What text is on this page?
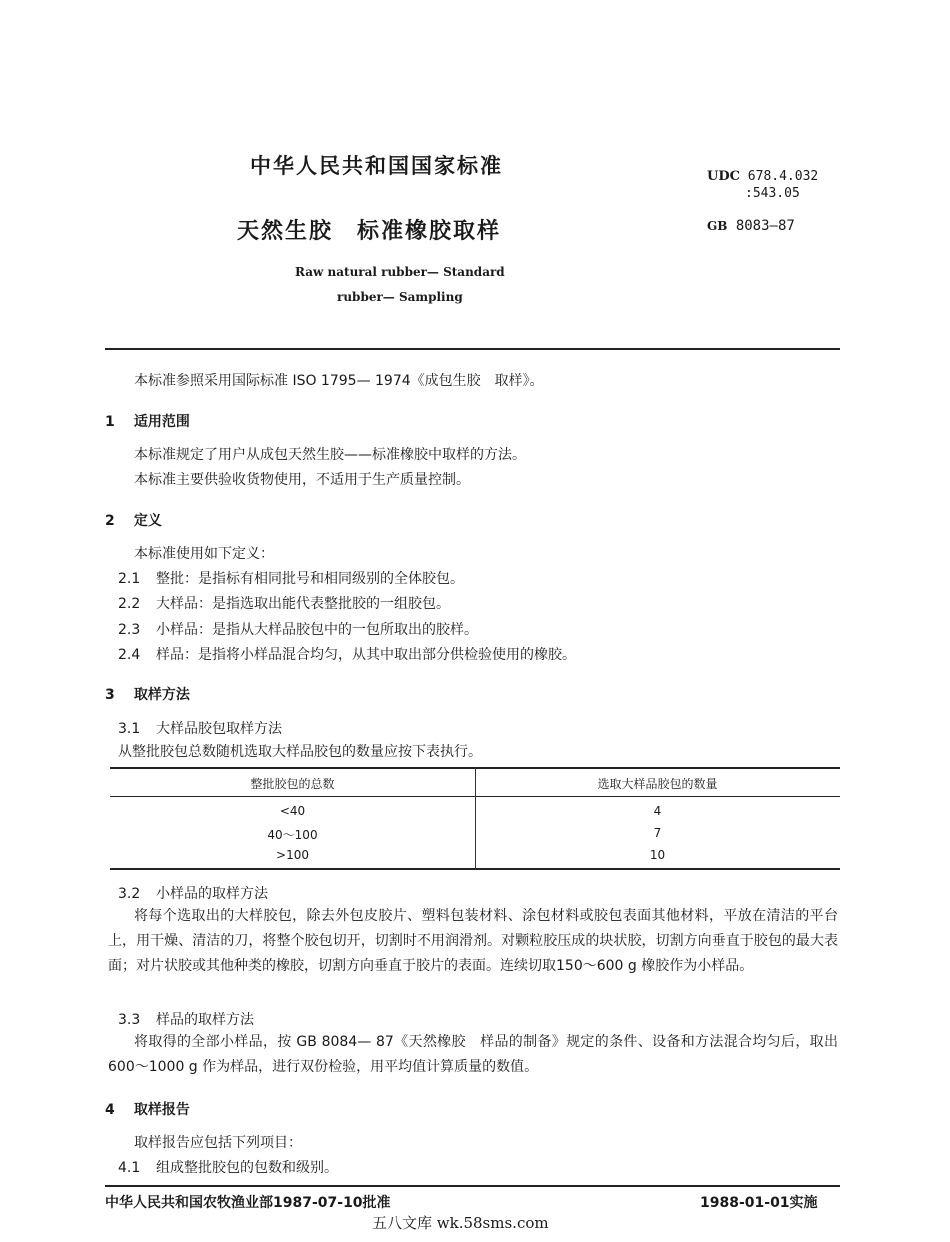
中华人民共和国国家标准
天然生胶　标准橡胶取样
Raw natural rubber— Standard
rubber— Sampling
UDC 678.4.032
:543.05
GB 8083—87
本标准参照采用国际标准 ISO 1795— 1974《成包生胶　取样》。
1 适用范围
本标准规定了用户从成包天然生胶——标准橡胶中取样的方法。
本标准主要供验收货物使用，不适用于生产质量控制。
2 定义
本标准使用如下定义：
2.1 整批：是指标有相同批号和相同级别的全体胶包。
2.2 大样品：是指选取出能代表整批胶的一组胶包。
2.3 小样品：是指从大样品胶包中的一包所取出的胶样。
2.4 样品：是指将小样品混合均匀，从其中取出部分供检验使用的橡胶。
3 取样方法
3.1 大样品胶包取样方法
从整批胶包总数随机选取大样品胶包的数量应按下表执行。
整批胶包的总数	选取大样品胶包的数量
<40	4
40～100	7
>100	10
3.2 小样品的取样方法
将每个选取出的大样胶包，除去外包皮胶片、塑料包装材料、涂包材料或胶包表面其他材料，平放在清洁的平台上，用干燥、清洁的刀，将整个胶包切开，切割时不用润滑剂。对颗粒胶压成的块状胶，切割方向垂直于胶包的最大表面；对片状胶或其他种类的橡胶，切割方向垂直于胶片的表面。连续切取150～600 g 橡胶作为小样品。
3.3 样品的取样方法
将取得的全部小样品，按 GB 8084— 87《天然橡胶　样品的制备》规定的条件、设备和方法混合均匀后，取出 600～1000 g 作为样品，进行双份检验，用平均值计算质量的数值。
4 取样报告
取样报告应包括下列项目：
4.1 组成整批胶包的包数和级别。
中华人民共和国农牧渔业部1987-07-10批准	1988-01-01实施
五八文库 wk.58sms.com
